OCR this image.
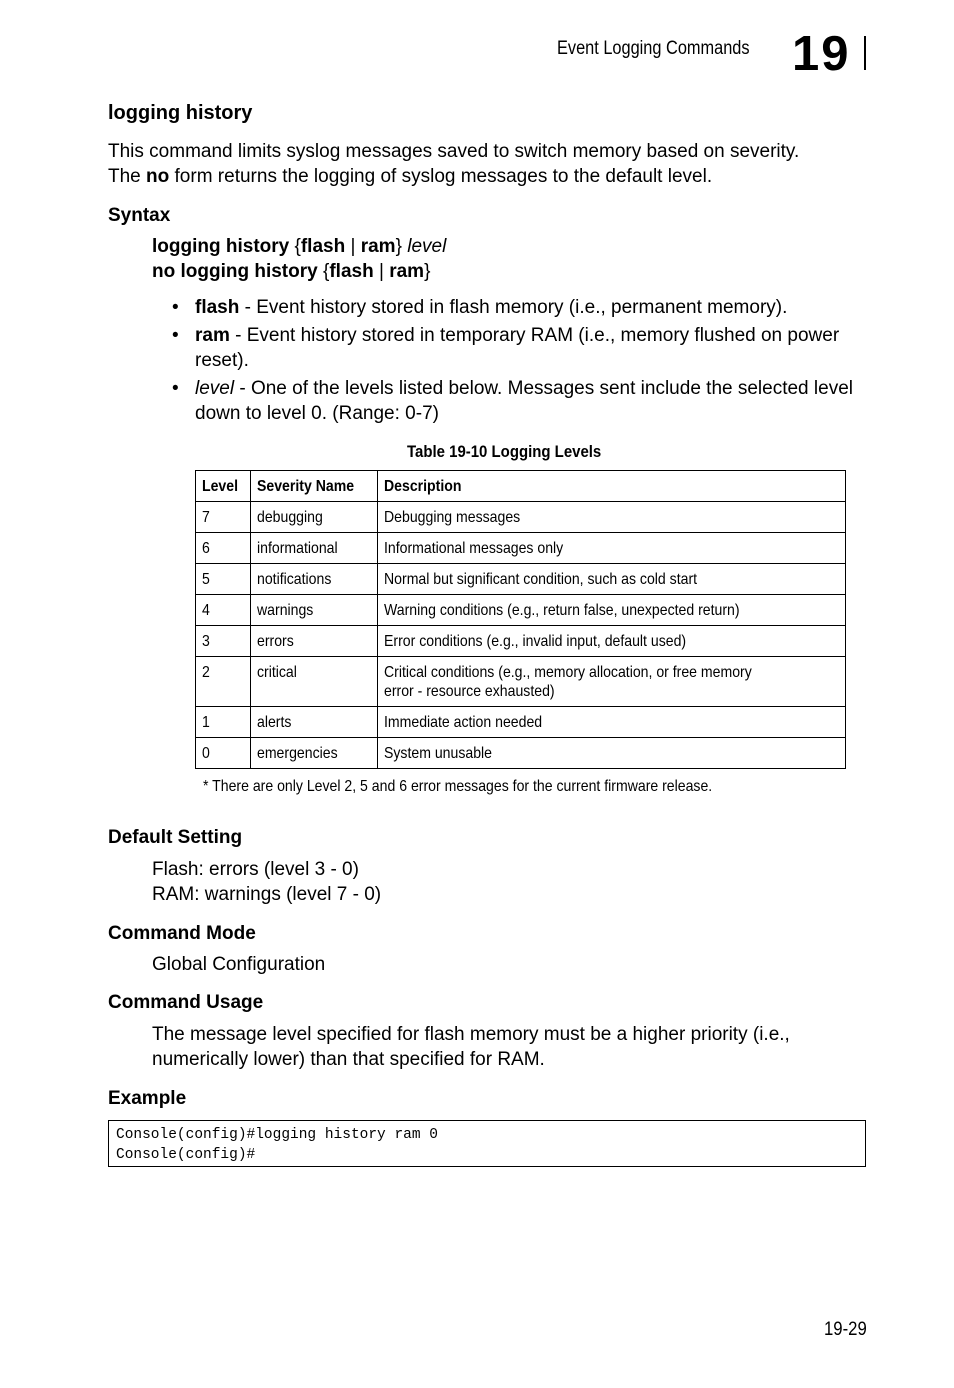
Event Logging Commands 19
logging history

This command limits syslog messages saved to switch memory based on severity.

The no form returns the logging of syslog messages to the default level.

Syntax

logging history {flash | ram} level

no logging history {flash | ram}

• flash - Event history stored in flash memory (i.e., permanent memory).
• ram - Event history stored in temporary RAM (i.e., memory flushed on power reset).
• level - One of the levels listed below. Messages sent include the selected level down to level 0. (Range: 0-7)
Table 19-10 Logging Levels
Level	Severity Name	Description
7	debugging	Debugging messages
6	informational	Informational messages only
5	notifications	Normal but significant condition, such as cold start
4	warnings	Warning conditions (e.g., return false, unexpected return)
3	errors	Error conditions (e.g., invalid input, default used)
2	critical	Critical conditions (e.g., memory allocation, or free memory error - resource exhausted)
1	alerts	Immediate action needed
0	emergencies	System unusable
* There are only Level 2, 5 and 6 error messages for the current firmware release.
Default Setting

Flash: errors (level 3 - 0)

RAM: warnings (level 7 - 0)

Command Mode

Global Configuration

Command Usage

The message level specified for flash memory must be a higher priority (i.e.,

numerically lower) than that specified for RAM.

Example
Console(config)#logging history ram 0
Console(config)#
19-29
